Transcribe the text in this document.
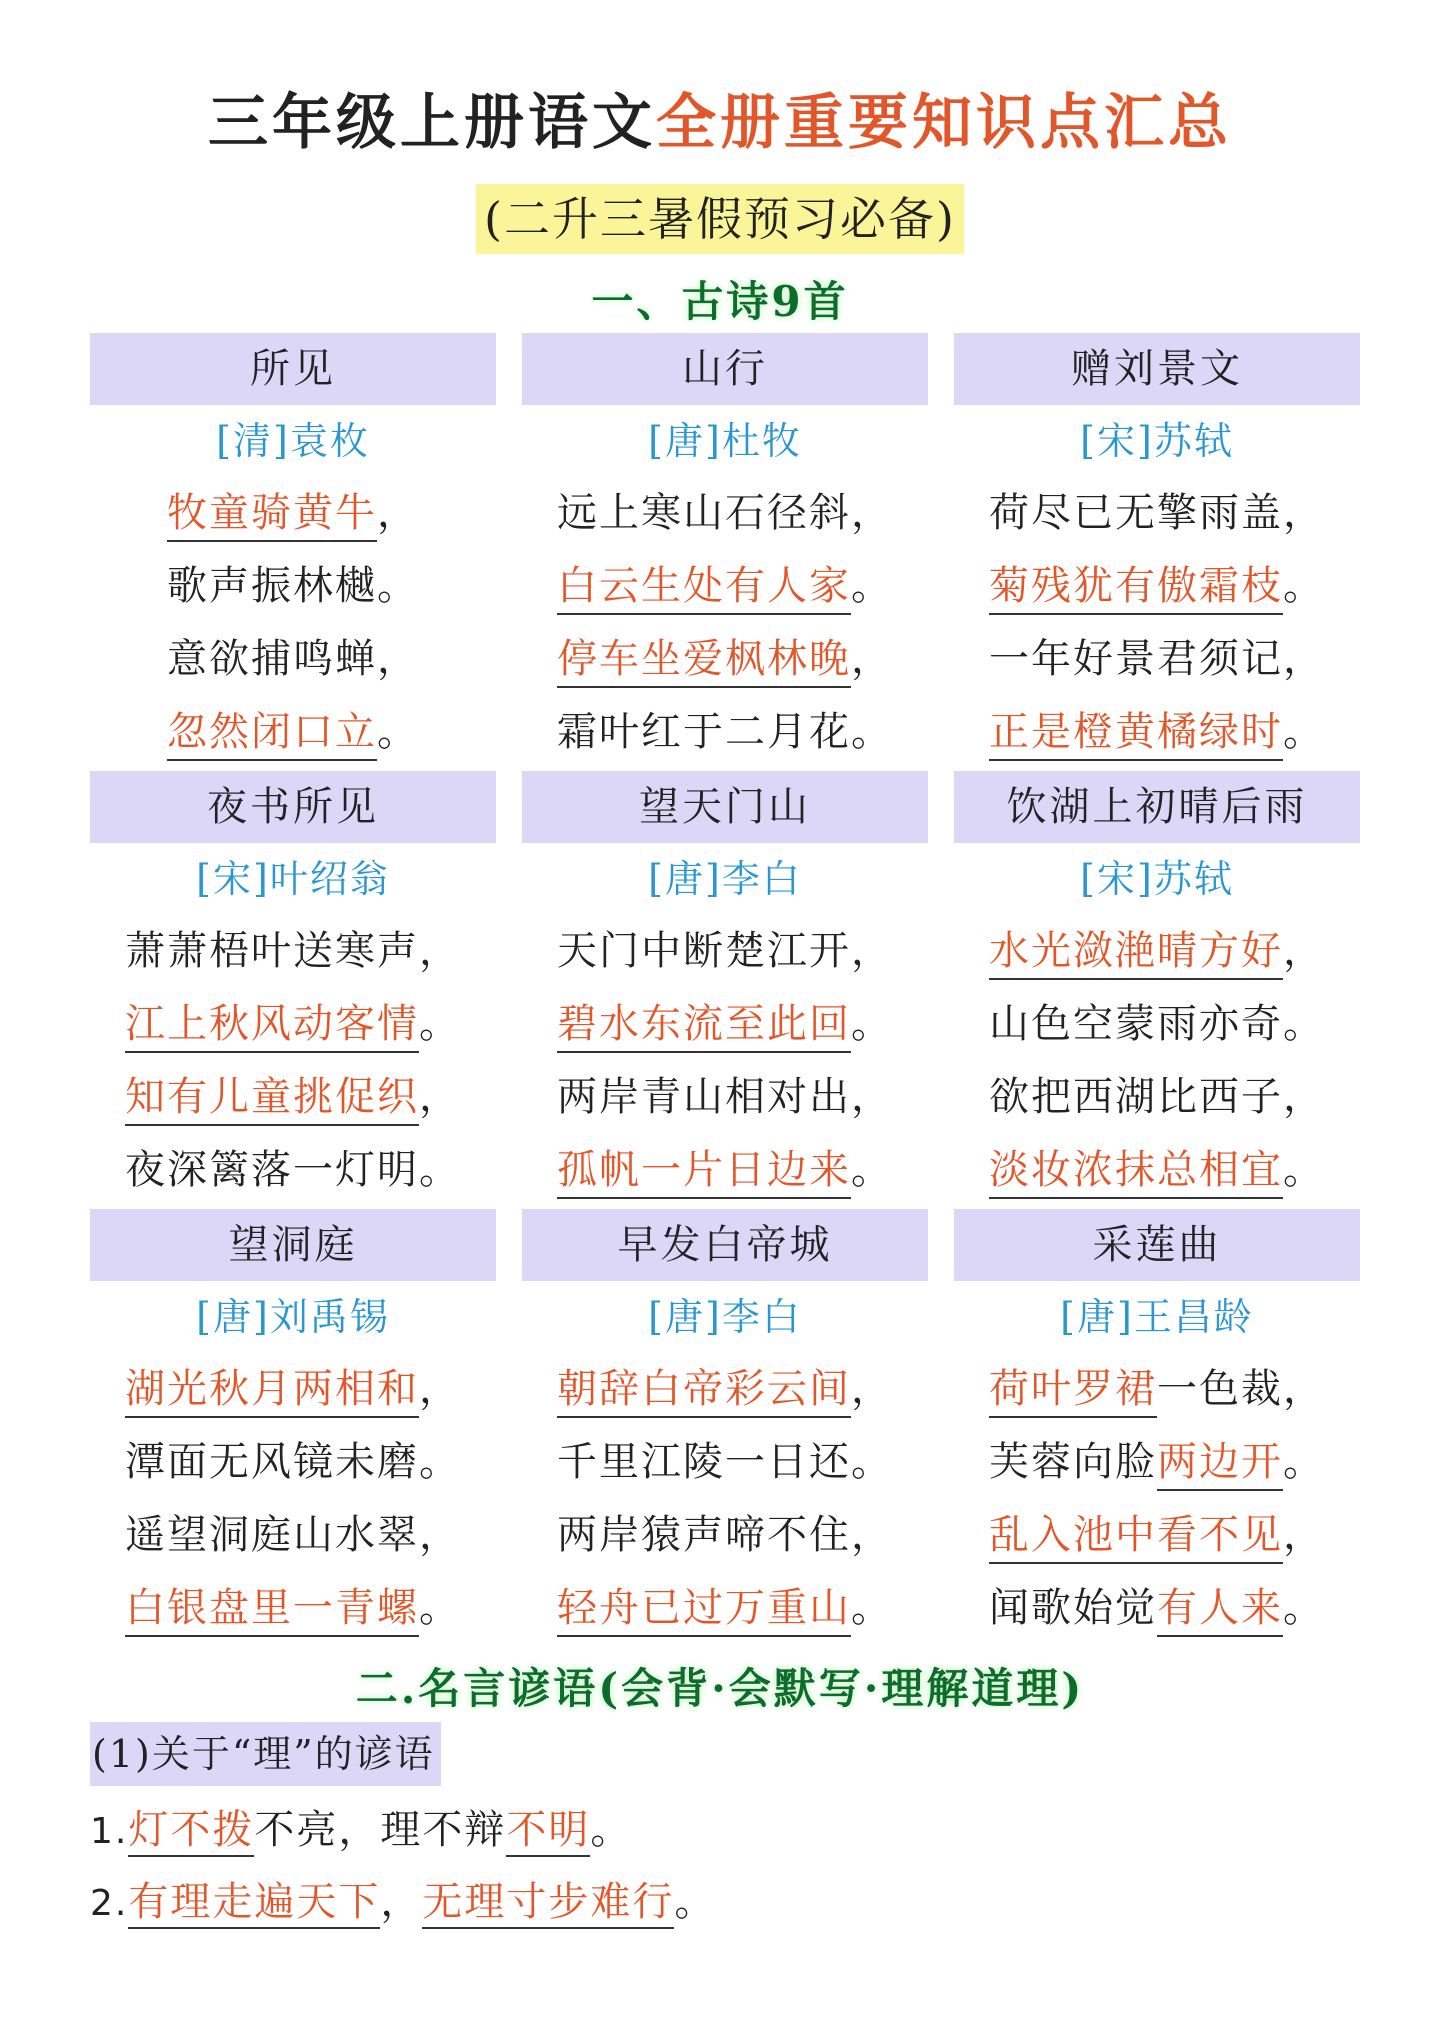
三年级上册语文全册重要知识点汇总
(二升三暑假预习必备)
一、古诗9首
所见
[清]袁枚
牧童骑黄牛，
歌声振林樾。
意欲捕鸣蝉，
忽然闭口立。
山行
[唐]杜牧
远上寒山石径斜，
白云生处有人家。
停车坐爱枫林晚，
霜叶红于二月花。
赠刘景文
[宋]苏轼
荷尽已无擎雨盖，
菊残犹有傲霜枝。
一年好景君须记，
正是橙黄橘绿时。
夜书所见
[宋]叶绍翁
萧萧梧叶送寒声，
江上秋风动客情。
知有儿童挑促织，
夜深篱落一灯明。
望天门山
[唐]李白
天门中断楚江开，
碧水东流至此回。
两岸青山相对出，
孤帆一片日边来。
饮湖上初晴后雨
[宋]苏轼
水光潋滟晴方好，
山色空蒙雨亦奇。
欲把西湖比西子，
淡妆浓抹总相宜。
望洞庭
[唐]刘禹锡
湖光秋月两相和，
潭面无风镜未磨。
遥望洞庭山水翠，
白银盘里一青螺。
早发白帝城
[唐]李白
朝辞白帝彩云间，
千里江陵一日还。
两岸猿声啼不住，
轻舟已过万重山。
采莲曲
[唐]王昌龄
荷叶罗裙一色裁，
芙蓉向脸两边开。
乱入池中看不见，
闻歌始觉有人来。
二.名言谚语(会背·会默写·理解道理)
(1)关于“理”的谚语
1.灯不拨不亮，理不辩不明。
2.有理走遍天下，无理寸步难行。
